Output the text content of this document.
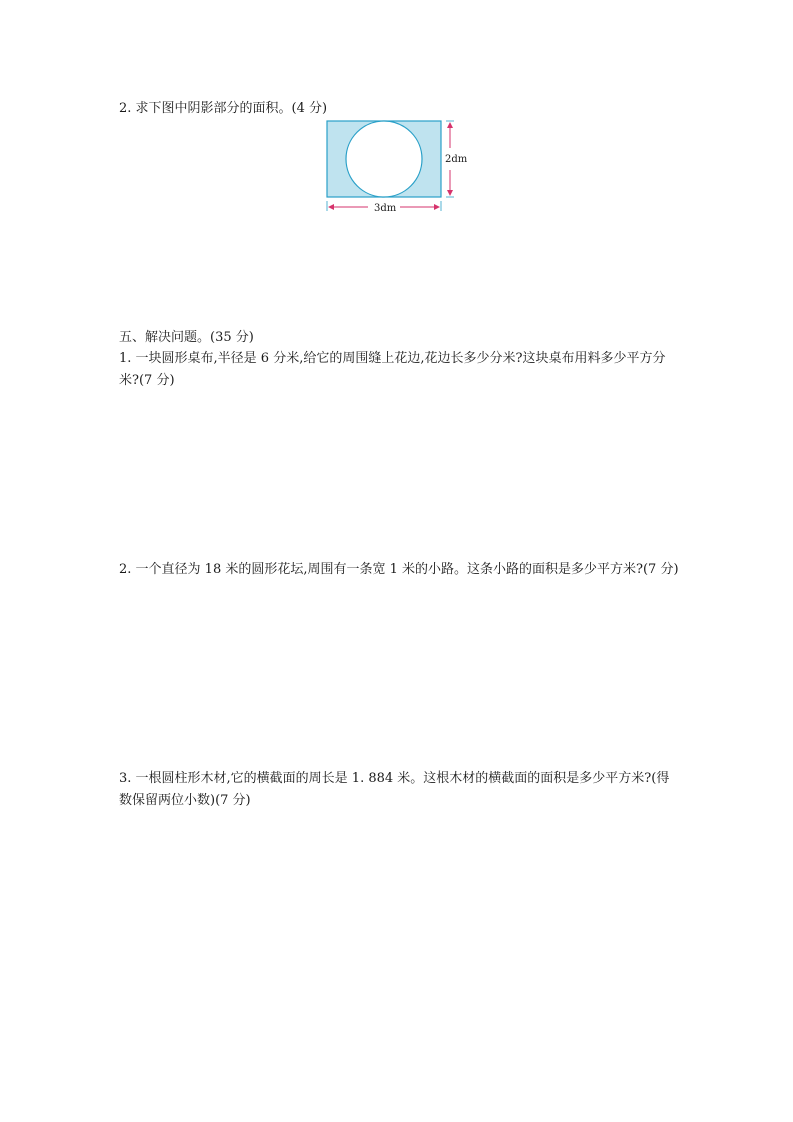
2. 求下图中阴影部分的面积。(4 分)
2dm
3dm
五、解决问题。(35 分)
1. 一块圆形桌布,半径是 6 分米,给它的周围缝上花边,花边长多少分米?这块桌布用料多少平方分米?(7 分)
2. 一个直径为 18 米的圆形花坛,周围有一条宽 1 米的小路。这条小路的面积是多少平方米?(7 分)
3. 一根圆柱形木材,它的横截面的周长是 1. 884 米。这根木材的横截面的面积是多少平方米?(得数保留两位小数)(7 分)
